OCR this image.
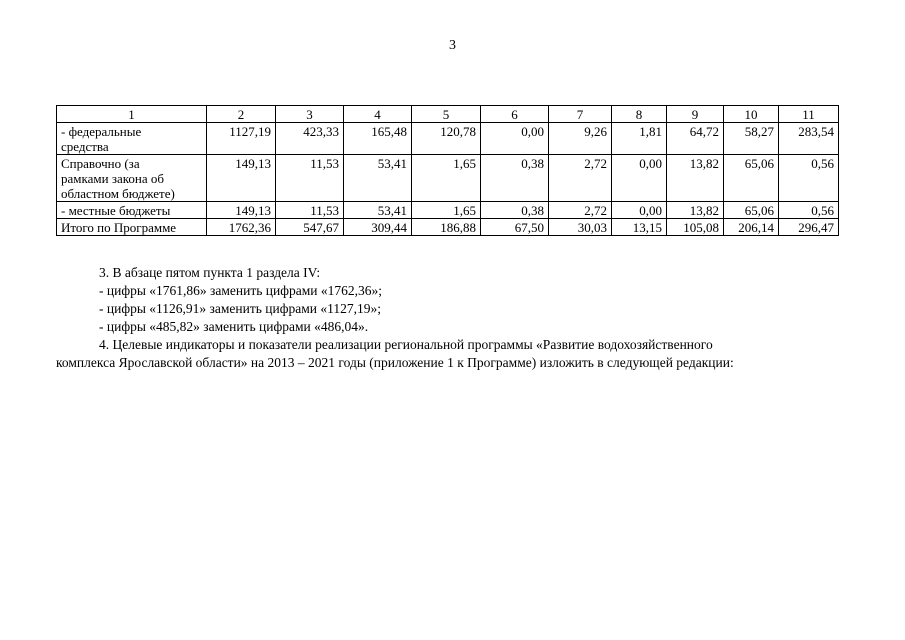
3
1	2	3	4	5	6	7	8	9	10	11

- федеральные
средства	1127,19	423,33	165,48	120,78	0,00	9,26	1,81	64,72	58,27	283,54

Справочно (за
рамками закона об
областном бюджете)	149,13	11,53	53,41	1,65	0,38	2,72	0,00	13,82	65,06	0,56

- местные бюджеты	149,13	11,53	53,41	1,65	0,38	2,72	0,00	13,82	65,06	0,56

Итого по Программе	1762,36	547,67	309,44	186,88	67,50	30,03	13,15	105,08	206,14	296,47

3. В абзаце пятом пункта 1 раздела IV:

- цифры «1761,86» заменить цифрами «1762,36»;

- цифры «1126,91» заменить цифрами «1127,19»;

- цифры «485,82» заменить цифрами «486,04».

4. Целевые индикаторы и показатели реализации региональной программы «Развитие водохозяйственного

комплекса Ярославской области» на 2013 – 2021 годы (приложение 1 к Программе) изложить в следующей редакции:
